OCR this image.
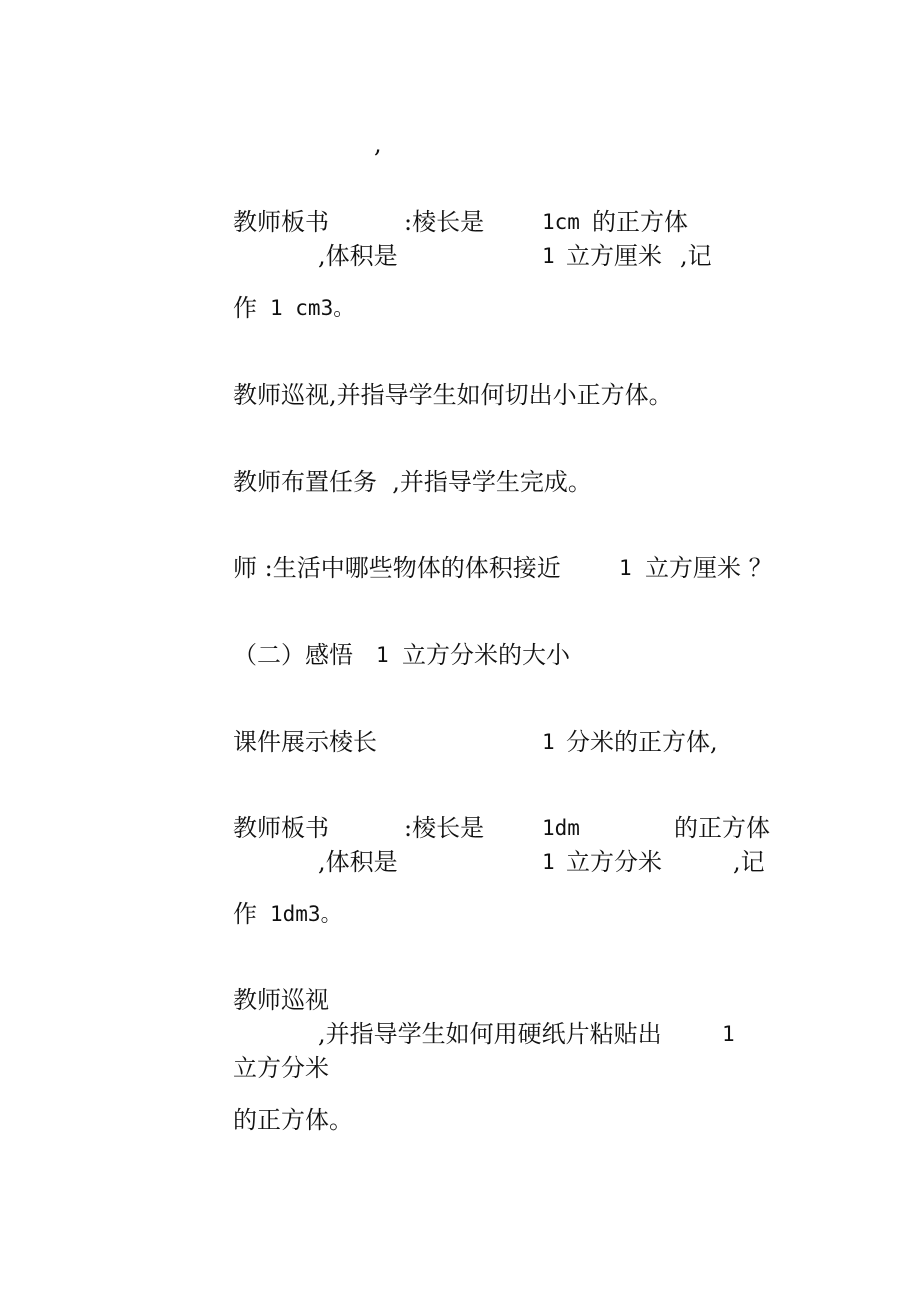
,
教师板书	:棱长是	1cm 的正方体
,体积是	1 立方厘米 ,记
作 1 cm3。
教师巡视,并指导学生如何切出小正方体。
教师布置任务  ,并指导学生完成。
师 :生活中哪些物体的体积接近	1 立方厘米 ？
（二）感悟 1 立方分米的大小
课件展示棱长	1 分米的正方体,
教师板书	:棱长是	1dm	的正方体
,体积是	1 立方分米	,记
作 1dm3。
教师巡视
,并指导学生如何用硬纸片粘贴出	1
立方分米
的正方体。
